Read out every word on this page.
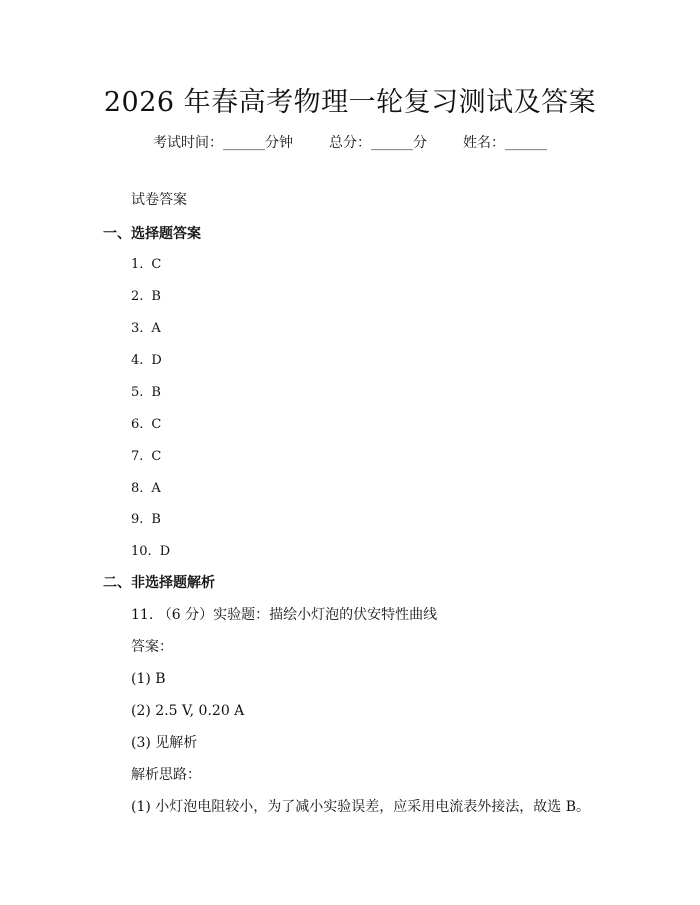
2026 年春高考物理一轮复习测试及答案
考试时间：______分钟	总分：______分	姓名：______
试卷答案
一、选择题答案
1. C
2. B
3. A
4. D
5. B
6. C
7. C
8. A
9. B
10. D
二、非选择题解析
11. （6 分）实验题：描绘小灯泡的伏安特性曲线
答案：
(1) B
(2) 2.5 V, 0.20 A
(3) 见解析
解析思路：
(1) 小灯泡电阻较小，为了减小实验误差，应采用电流表外接法，故选 B。
